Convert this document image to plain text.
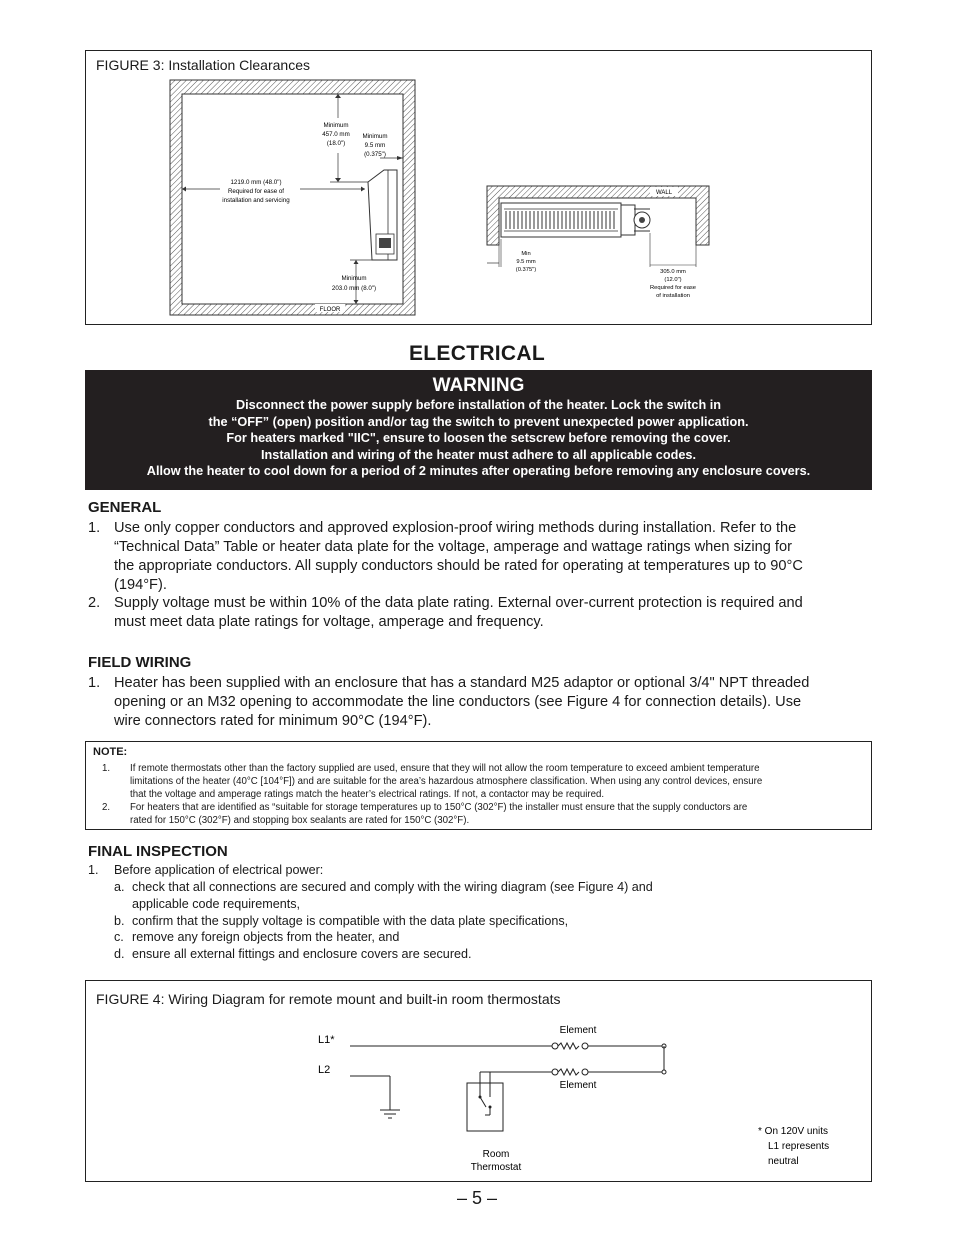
FIGURE 3: Installation Clearances
Minimum
457.0 mm
(18.0")
Minimum
9.5 mm
(0.375")
1219.0 mm (48.0")
Required for ease of
installation and servicing
Minimum
203.0 mm (8.0")
FLOOR
WALL
Min
9.5 mm
(0.375")	305.0 mm
(12.0")
Required for ease
of installation
ELECTRICAL
WARNING
Disconnect the power supply before installation of the heater. Lock the switch in
the “OFF” (open) position and/or tag the switch to prevent unexpected power application.
For heaters marked "IIC", ensure to loosen the setscrew before removing the cover.
Installation and wiring of the heater must adhere to all applicable codes.
Allow the heater to cool down for a period of 2 minutes after operating before removing any enclosure covers.
GENERAL
1. Use only copper conductors and approved explosion-proof wiring methods during installation. Refer to the
“Technical Data” Table or heater data plate for the voltage, amperage and wattage ratings when sizing for
the appropriate conductors. All supply conductors should be rated for operating at temperatures up to 90°C
(194°F).
2. Supply voltage must be within 10% of the data plate rating. External over-current protection is required and
must meet data plate ratings for voltage, amperage and frequency.
FIELD WIRING
1. Heater has been supplied with an enclosure that has a standard M25 adaptor or optional 3/4" NPT threaded
opening or an M32 opening to accommodate the line conductors (see Figure 4 for connection details). Use
wire connectors rated for minimum 90°C (194°F).
NOTE:
1. If remote thermostats other than the factory supplied are used, ensure that they will not allow the room temperature to exceed ambient temperature
limitations of the heater (40°C [104°F]) and are suitable for the area’s hazardous atmosphere classification. When using any control devices, ensure
that the voltage and amperage ratings match the heater’s electrical ratings. If not, a contactor may be required.
2. For heaters that are identified as “suitable for storage temperatures up to 150°C (302°F) the installer must ensure that the supply conductors are
rated for 150°C (302°F) and stopping box sealants are rated for 150°C (302°F).
FINAL INSPECTION
1. Before application of electrical power:
a. check that all connections are secured and comply with the wiring diagram (see Figure 4) and
applicable code requirements,
b. confirm that the supply voltage is compatible with the data plate specifications,
c. remove any foreign objects from the heater, and
d. ensure all external fittings and enclosure covers are secured.
FIGURE 4: Wiring Diagram for remote mount and built-in room thermostats
L1*
L2
Element
Element
Room
Thermostat
* On 120V units
L1 represents
neutral
– 5 –
